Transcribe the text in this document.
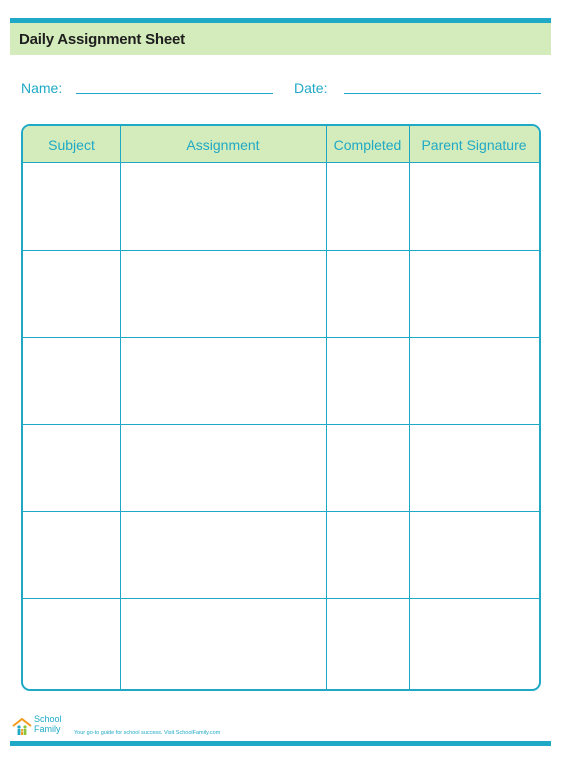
Daily Assignment Sheet
Name:	Date:
Subject	Assignment	Completed	Parent Signature
School
Family Your go-to guide for school success. Visit SchoolFamily.com
